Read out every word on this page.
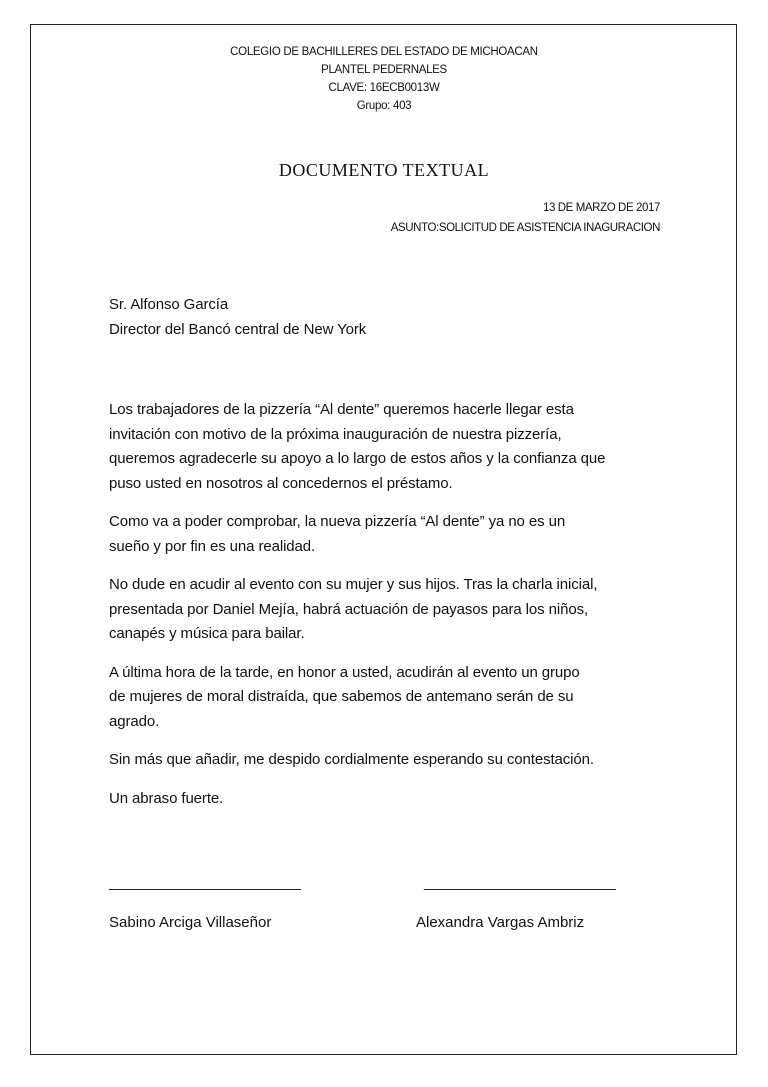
COLEGIO DE BACHILLERES DEL ESTADO DE MICHOACAN
PLANTEL PEDERNALES
CLAVE: 16ECB0013W
Grupo: 403
DOCUMENTO TEXTUAL
13 DE MARZO DE 2017
ASUNTO:SOLICITUD DE ASISTENCIA INAGURACION
Sr. Alfonso García
Director del Bancó central de New York
Los trabajadores de la pizzería “Al dente” queremos hacerle llegar esta
invitación con motivo de la próxima inauguración de nuestra pizzería,
queremos agradecerle su apoyo a lo largo de estos años y la confianza que
puso usted en nosotros al concedernos el préstamo.
Como va a poder comprobar, la nueva pizzería “Al dente” ya no es un
sueño y por fin es una realidad.
No dude en acudir al evento con su mujer y sus hijos. Tras la charla inicial,
presentada por Daniel Mejía, habrá actuación de payasos para los niños,
canapés y música para bailar.
A última hora de la tarde, en honor a usted, acudirán al evento un grupo
de mujeres de moral distraída, que sabemos de antemano serán de su
agrado.
Sin más que añadir, me despido cordialmente esperando su contestación.
Un abraso fuerte.
_______________________
Sabino Arciga Villaseñor
_______________________
Alexandra Vargas Ambriz
